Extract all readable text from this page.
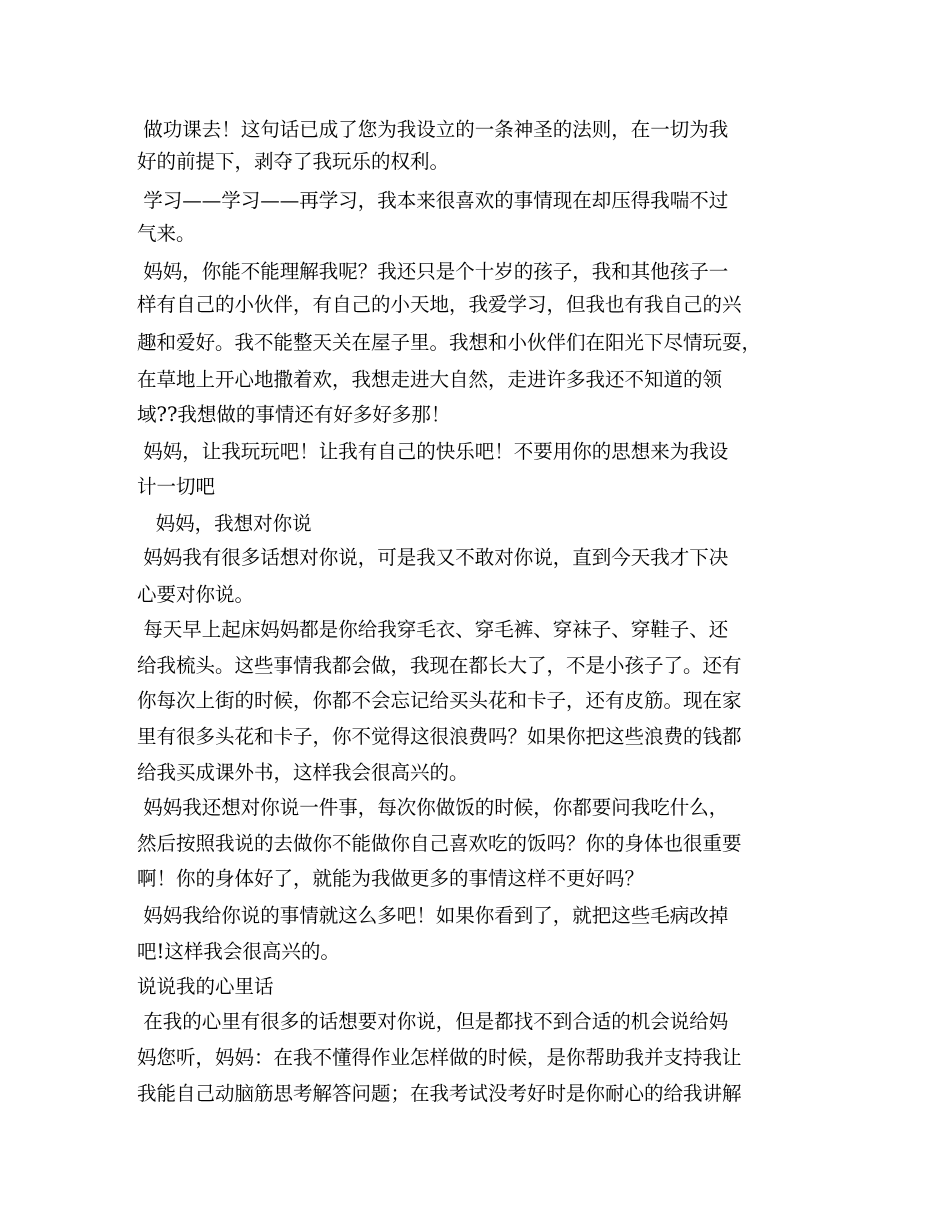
做功课去！这句话已成了您为我设立的一条神圣的法则，在一切为我
好的前提下，剥夺了我玩乐的权利。
学习——学习——再学习，我本来很喜欢的事情现在却压得我喘不过
气来。
妈妈，你能不能理解我呢？我还只是个十岁的孩子，我和其他孩子一
样有自己的小伙伴，有自己的小天地，我爱学习，但我也有我自己的兴
趣和爱好。我不能整天关在屋子里。我想和小伙伴们在阳光下尽情玩耍，
在草地上开心地撒着欢，我想走进大自然，走进许多我还不知道的领
域??我想做的事情还有好多好多那！
妈妈，让我玩玩吧！让我有自己的快乐吧！不要用你的思想来为我设
计一切吧
妈妈，我想对你说
妈妈我有很多话想对你说，可是我又不敢对你说，直到今天我才下决
心要对你说。
每天早上起床妈妈都是你给我穿毛衣、穿毛裤、穿袜子、穿鞋子、还
给我梳头。这些事情我都会做，我现在都长大了，不是小孩子了。还有
你每次上街的时候，你都不会忘记给买头花和卡子，还有皮筋。现在家
里有很多头花和卡子，你不觉得这很浪费吗？如果你把这些浪费的钱都
给我买成课外书，这样我会很高兴的。
妈妈我还想对你说一件事，每次你做饭的时候，你都要问我吃什么，
然后按照我说的去做你不能做你自己喜欢吃的饭吗？你的身体也很重要
啊！你的身体好了，就能为我做更多的事情这样不更好吗？
妈妈我给你说的事情就这么多吧！如果你看到了，就把这些毛病改掉
吧!这样我会很高兴的。
说说我的心里话
在我的心里有很多的话想要对你说，但是都找不到合适的机会说给妈
妈您听，妈妈：在我不懂得作业怎样做的时候，是你帮助我并支持我让
我能自己动脑筋思考解答问题；在我考试没考好时是你耐心的给我讲解
